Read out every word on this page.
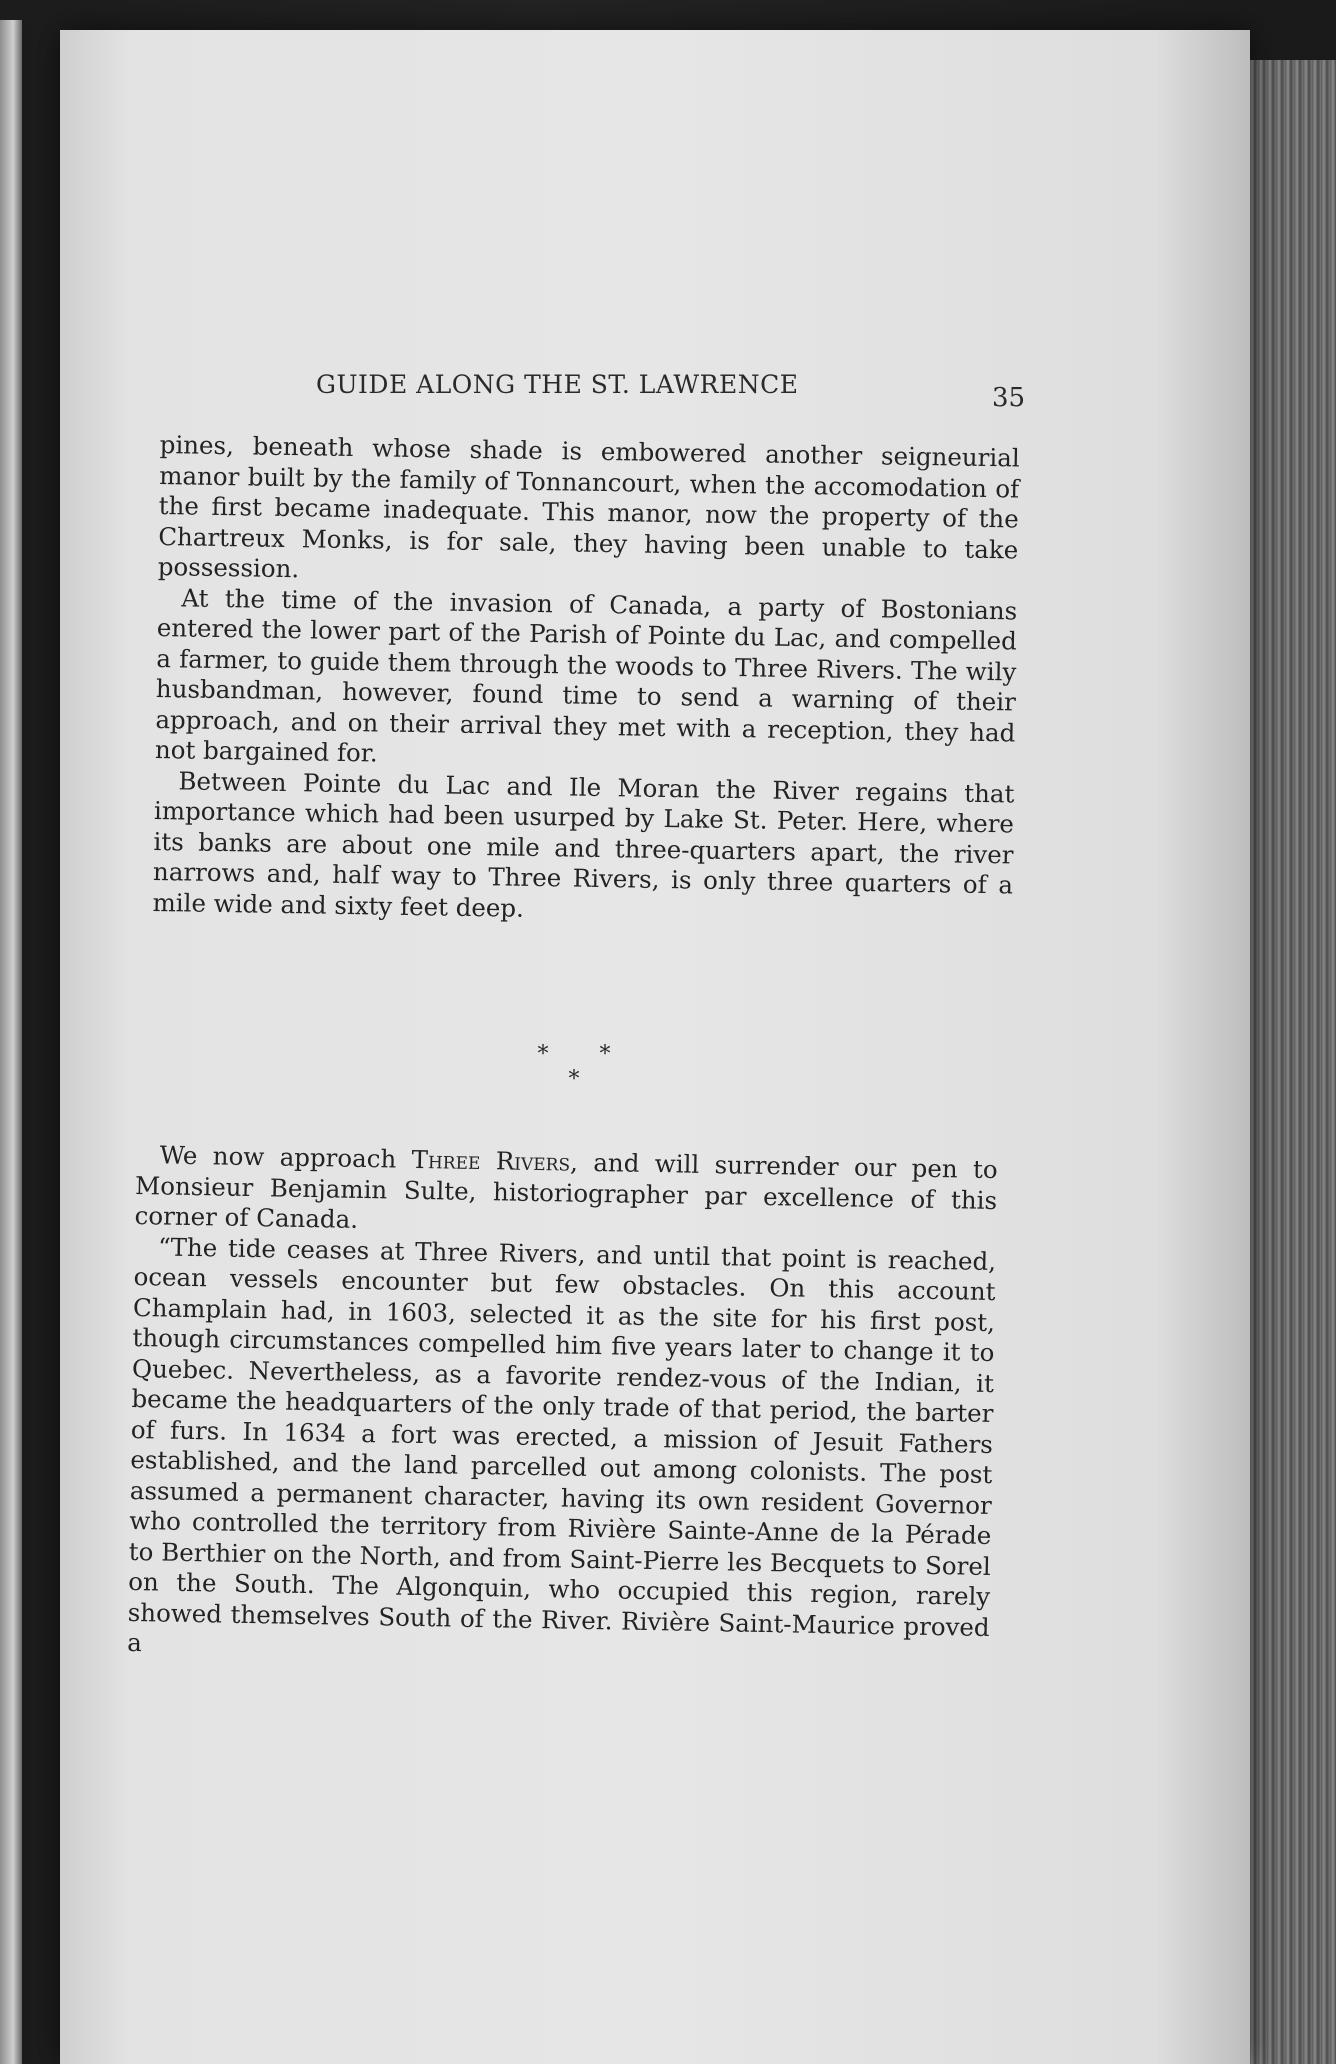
GUIDE ALONG THE ST. LAWRENCE	35

pines, beneath whose shade is embowered another seigneurial manor built by the family of Tonnancourt, when the accomodation of the first became inadequate. This manor, now the property of the Chartreux Monks, is for sale, they having been unable to take possession.

At the time of the invasion of Canada, a party of Bostonians entered the lower part of the Parish of Pointe du Lac, and compelled a farmer, to guide them through the woods to Three Rivers. The wily husbandman, however, found time to send a warning of their approach, and on their arrival they met with a reception, they had not bargained for.

Between Pointe du Lac and Ile Moran the River regains that importance which had been usurped by Lake St. Peter. Here, where its banks are about one mile and three-quarters apart, the river narrows and, half way to Three Rivers, is only three quarters of a mile wide and sixty feet deep.

* * *

We now approach Three Rivers, and will surrender our pen to Monsieur Benjamin Sulte, historiographer par excellence of this corner of Canada.

“The tide ceases at Three Rivers, and until that point is reached, ocean vessels encounter but few obstacles. On this account Champlain had, in 1603, selected it as the site for his first post, though circumstances compelled him five years later to change it to Quebec. Nevertheless, as a favorite rendez-vous of the Indian, it became the headquarters of the only trade of that period, the barter of furs. In 1634 a fort was erected, a mission of Jesuit Fathers established, and the land parcelled out among colonists. The post assumed a permanent character, having its own resident Governor who controlled the territory from Rivière Sainte-Anne de la Pérade to Berthier on the North, and from Saint-Pierre les Becquets to Sorel on the South. The Algonquin, who occupied this region, rarely showed themselves South of the River. Rivière Saint-Maurice proved a
